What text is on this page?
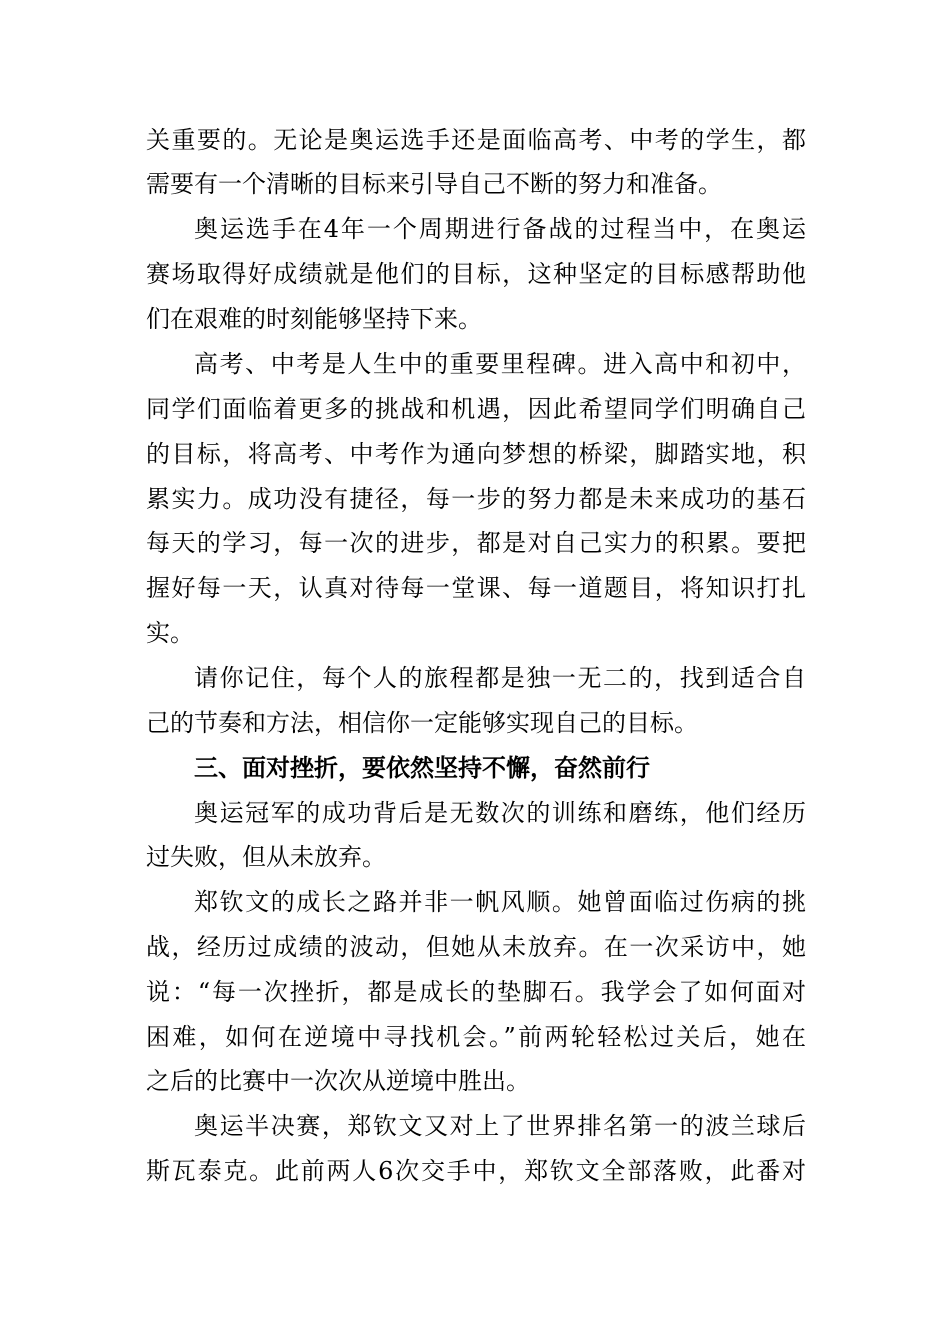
关重要的。无论是奥运选手还是面临高考、中考的学生，都
需要有一个清晰的目标来引导自己不断的努力和准备。
奥运选手在4年一个周期进行备战的过程当中，在奥运
赛场取得好成绩就是他们的目标，这种坚定的目标感帮助他
们在艰难的时刻能够坚持下来。
高考、中考是人生中的重要里程碑。进入高中和初中，
同学们面临着更多的挑战和机遇，因此希望同学们明确自己
的目标，将高考、中考作为通向梦想的桥梁，脚踏实地，积
累实力。成功没有捷径，每一步的努力都是未来成功的基石
每天的学习，每一次的进步，都是对自己实力的积累。要把
握好每一天，认真对待每一堂课、每一道题目，将知识打扎
实。
请你记住，每个人的旅程都是独一无二的，找到适合自
己的节奏和方法，相信你一定能够实现自己的目标。
三、面对挫折，要依然坚持不懈，奋然前行
奥运冠军的成功背后是无数次的训练和磨练，他们经历
过失败，但从未放弃。
郑钦文的成长之路并非一帆风顺。她曾面临过伤病的挑
战，经历过成绩的波动，但她从未放弃。在一次采访中，她
说：“每一次挫折，都是成长的垫脚石。我学会了如何面对
困难，如何在逆境中寻找机会。”前两轮轻松过关后，她在
之后的比赛中一次次从逆境中胜出。
奥运半决赛，郑钦文又对上了世界排名第一的波兰球后
斯瓦泰克。此前两人6次交手中，郑钦文全部落败，此番对
